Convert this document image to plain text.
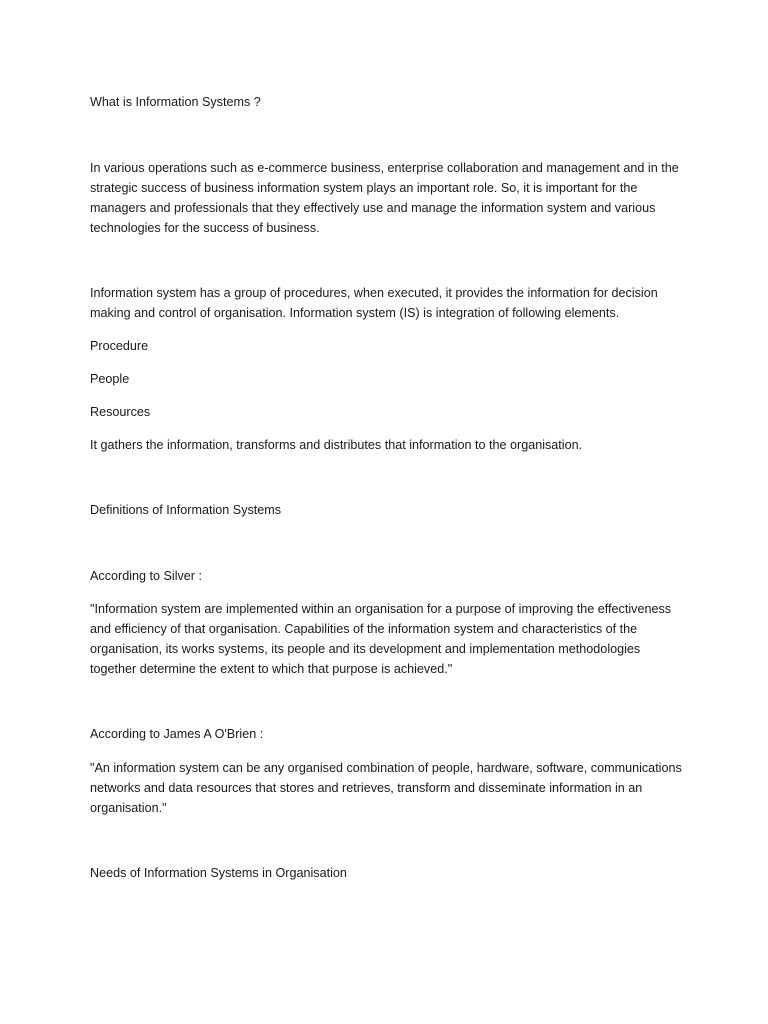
What is Information Systems ?

In various operations such as e-commerce business, enterprise collaboration and management and in the strategic success of business information system plays an important role. So, it is important for the managers and professionals that they effectively use and manage the information system and various technologies for the success of business.

Information system has a group of procedures, when executed, it provides the information for decision making and control of organisation. Information system (IS) is integration of following elements.

Procedure

People

Resources

It gathers the information, transforms and distributes that information to the organisation.

Definitions of Information Systems

According to Silver :

"Information system are implemented within an organisation for a purpose of improving the effectiveness and efficiency of that organisation. Capabilities of the information system and characteristics of the organisation, its works systems, its people and its development and implementation methodologies together determine the extent to which that purpose is achieved."

According to James A O'Brien :

"An information system can be any organised combination of people, hardware, software, communications networks and data resources that stores and retrieves, transform and disseminate information in an organisation."

Needs of Information Systems in Organisation
